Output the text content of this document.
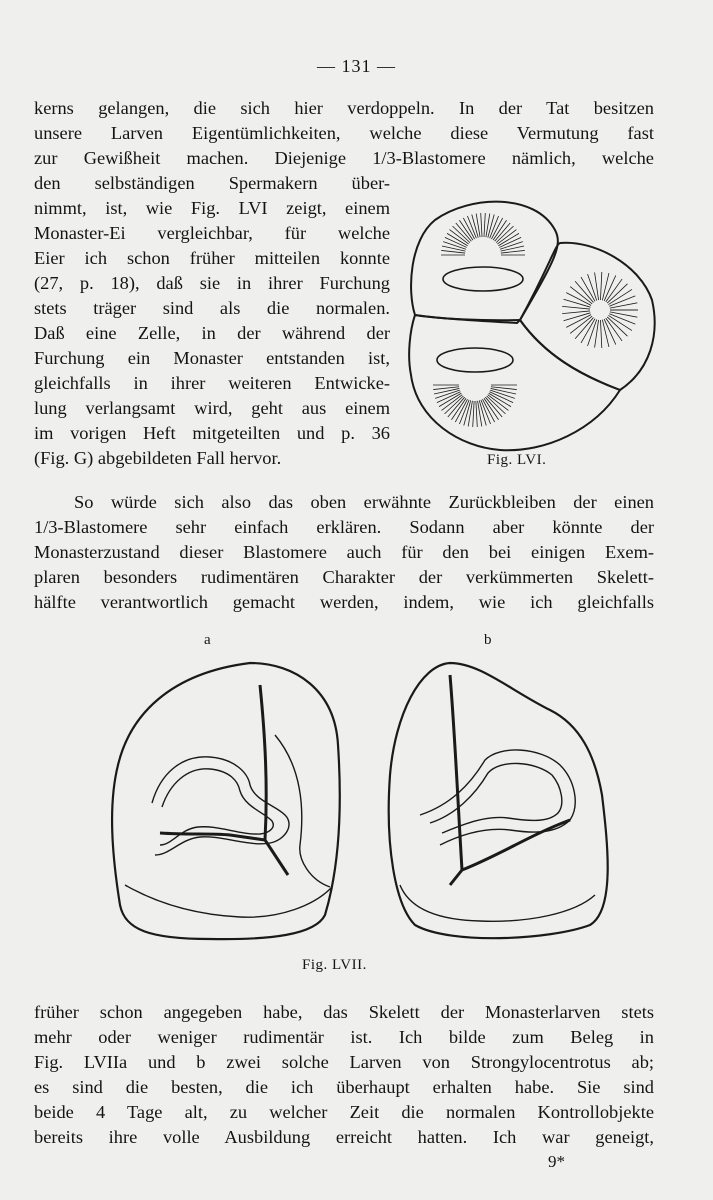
— 131 —
kerns gelangen, die sich hier verdoppeln. In der Tat besitzen
unsere Larven Eigentümlichkeiten, welche diese Vermutung fast
zur Gewißheit machen. Diejenige 1/3-Blastomere nämlich, welche
den selbständigen Spermakern über-
nimmt, ist, wie Fig. LVI zeigt, einem
Monaster-Ei vergleichbar, für welche
Eier ich schon früher mitteilen konnte
(27, p. 18), daß sie in ihrer Furchung
stets träger sind als die normalen.
Daß eine Zelle, in der während der
Furchung ein Monaster entstanden ist,
gleichfalls in ihrer weiteren Entwicke-
lung verlangsamt wird, geht aus einem
im vorigen Heft mitgeteilten und p. 36
(Fig. G) abgebildeten Fall hervor.	Fig. LVI.
So würde sich also das oben erwähnte Zurückbleiben der einen
1/3-Blastomere sehr einfach erklären. Sodann aber könnte der
Monasterzustand dieser Blastomere auch für den bei einigen Exem-
plaren besonders rudimentären Charakter der verkümmerten Skelett-
hälfte verantwortlich gemacht werden, indem, wie ich gleichfalls
a	b
Fig. LVII.
früher schon angegeben habe, das Skelett der Monasterlarven stets
mehr oder weniger rudimentär ist. Ich bilde zum Beleg in
Fig. LVIIa und b zwei solche Larven von Strongylocentrotus ab;
es sind die besten, die ich überhaupt erhalten habe. Sie sind
beide 4 Tage alt, zu welcher Zeit die normalen Kontrollobjekte
bereits ihre volle Ausbildung erreicht hatten. Ich war geneigt,
9*
